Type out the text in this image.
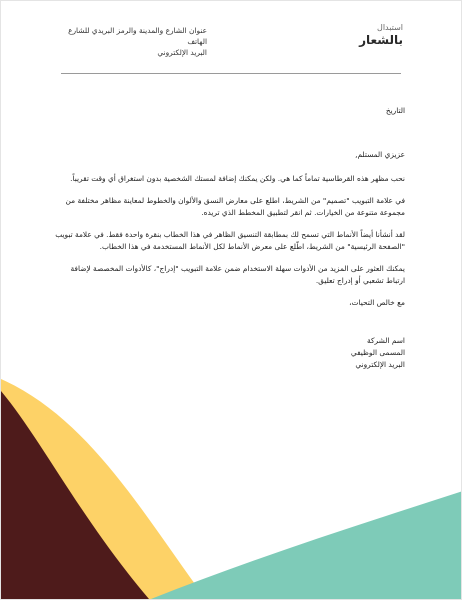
استبدال
بالشعار
عنوان الشارع والمدينة والرمز البريدي للشارع
الهاتف
البريد الإلكتروني

التاريخ

عزيزي المستلم,

نحب مظهر هذه القرطاسية تماماً كما هي. ولكن يمكنك إضافة لمستك الشخصية بدون استغراق أي وقت تقريباً.

في علامة التبويب "تصميم" من الشريط، اطلع على معارض النسق والألوان والخطوط لمعاينة مظاهر مختلفة من مجموعة متنوعة من الخيارات. ثم انقر لتطبيق المخطط الذي تريده.

لقد أنشأنا أيضاً الأنماط التي تسمح لك بمطابقة التنسيق الظاهر في هذا الخطاب بنقرة واحدة فقط. في علامة تبويب "الصفحة الرئيسية" من الشريط، اطّلع على معرض الأنماط لكل الأنماط المستخدمة في هذا الخطاب.

يمكنك العثور على المزيد من الأدوات سهلة الاستخدام ضمن علامة التبويب "إدراج"، كالأدوات المخصصة لإضافة ارتباط تشعبي أو إدراج تعليق.

مع خالص التحيات،

اسم الشركة
المسمى الوظيفي
البريد الإلكتروني
